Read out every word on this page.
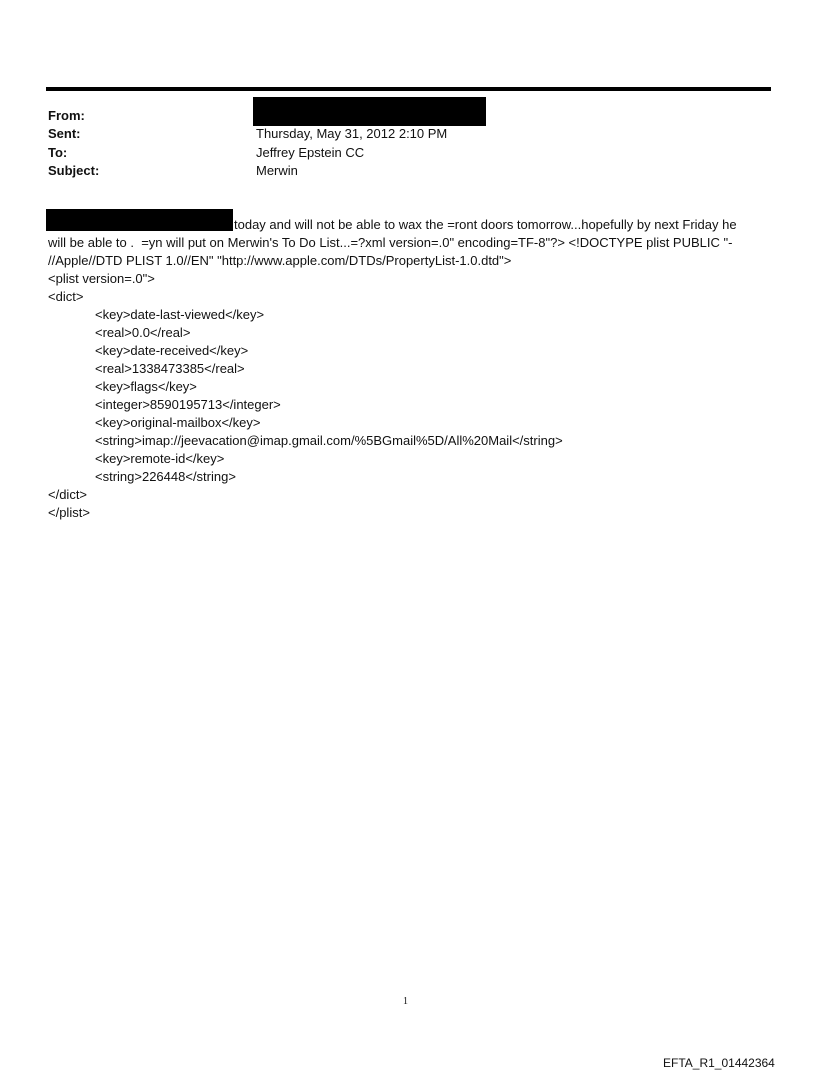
From:
Sent:
To:
Subject:
Thursday, May 31, 2012 2:10 PM
Jeffrey Epstein CC
Merwin
today and will not be able to wax the =ront doors tomorrow...hopefully by next Friday he
will be able to .  =yn will put on Merwin's To Do List...=?xml version=.0" encoding=TF-8"?> <!DOCTYPE plist PUBLIC "-
//Apple//DTD PLIST 1.0//EN" "http://www.apple.com/DTDs/PropertyList-1.0.dtd">
<plist version=.0">
<dict>
<key>date-last-viewed</key>
<real>0.0</real>
<key>date-received</key>
<real>1338473385</real>
<key>flags</key>
<integer>8590195713</integer>
<key>original-mailbox</key>
<string>imap://jeevacation@imap.gmail.com/%5BGmail%5D/All%20Mail</string>
<key>remote-id</key>
<string>226448</string>
</dict>
</plist>
1
EFTA_R1_01442364
